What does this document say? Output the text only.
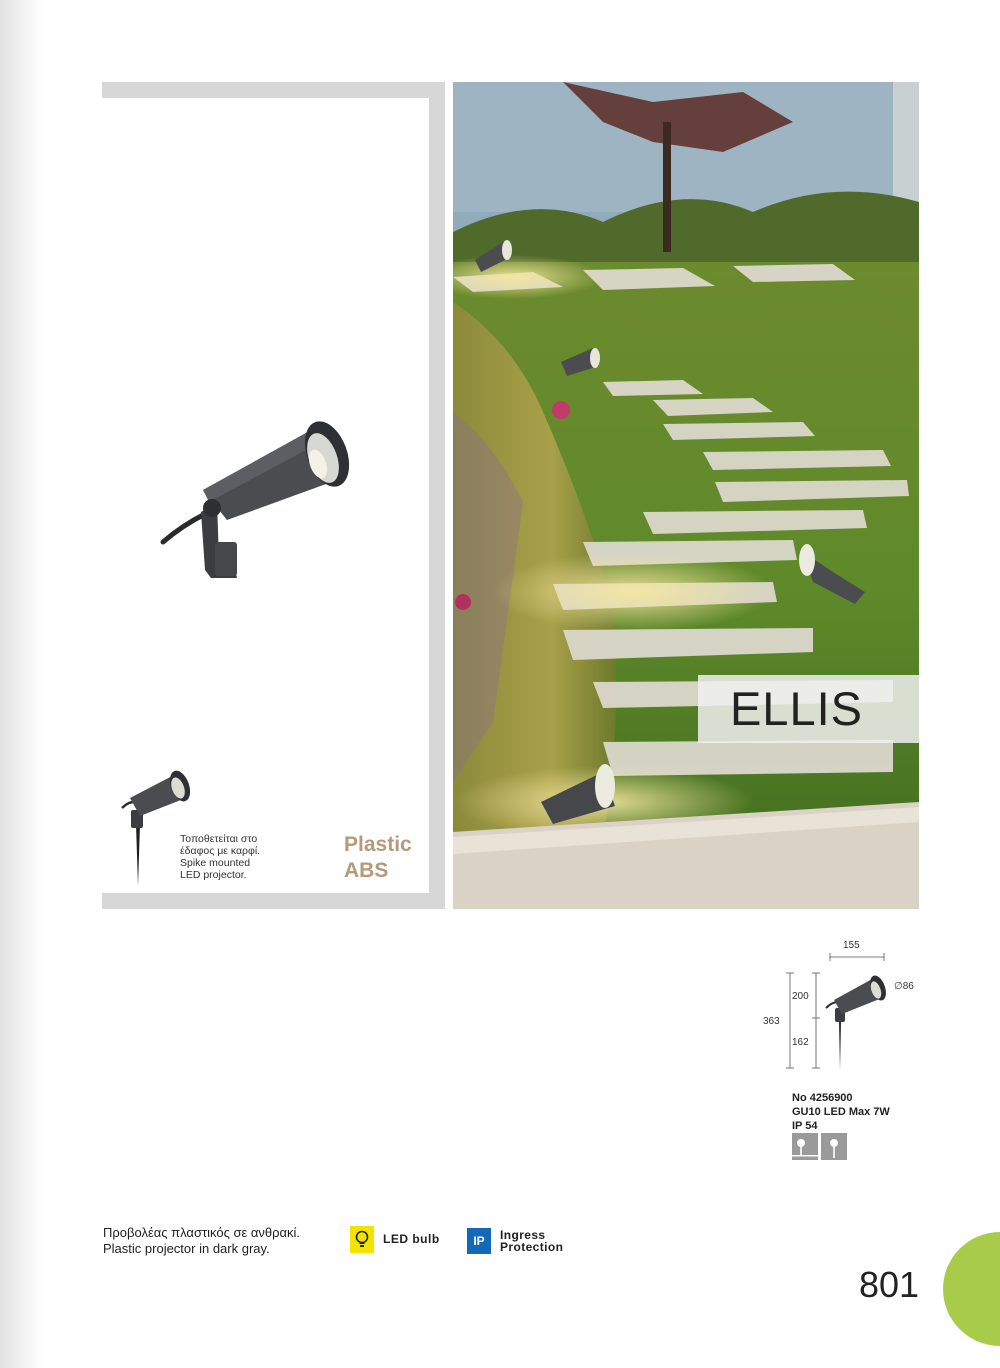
Τοποθετείται στο
έδαφος με καρφί.
Spike mounted
LED projector.
Plastic
ABS
ELLIS
155
∅86
363
200
162
No 4256900
GU10 LED Max 7W
IP 54
Προβολέας πλαστικός σε ανθρακί.
Plastic projector in dark gray.
LED bulb	IP	Ingress
Protection
801
